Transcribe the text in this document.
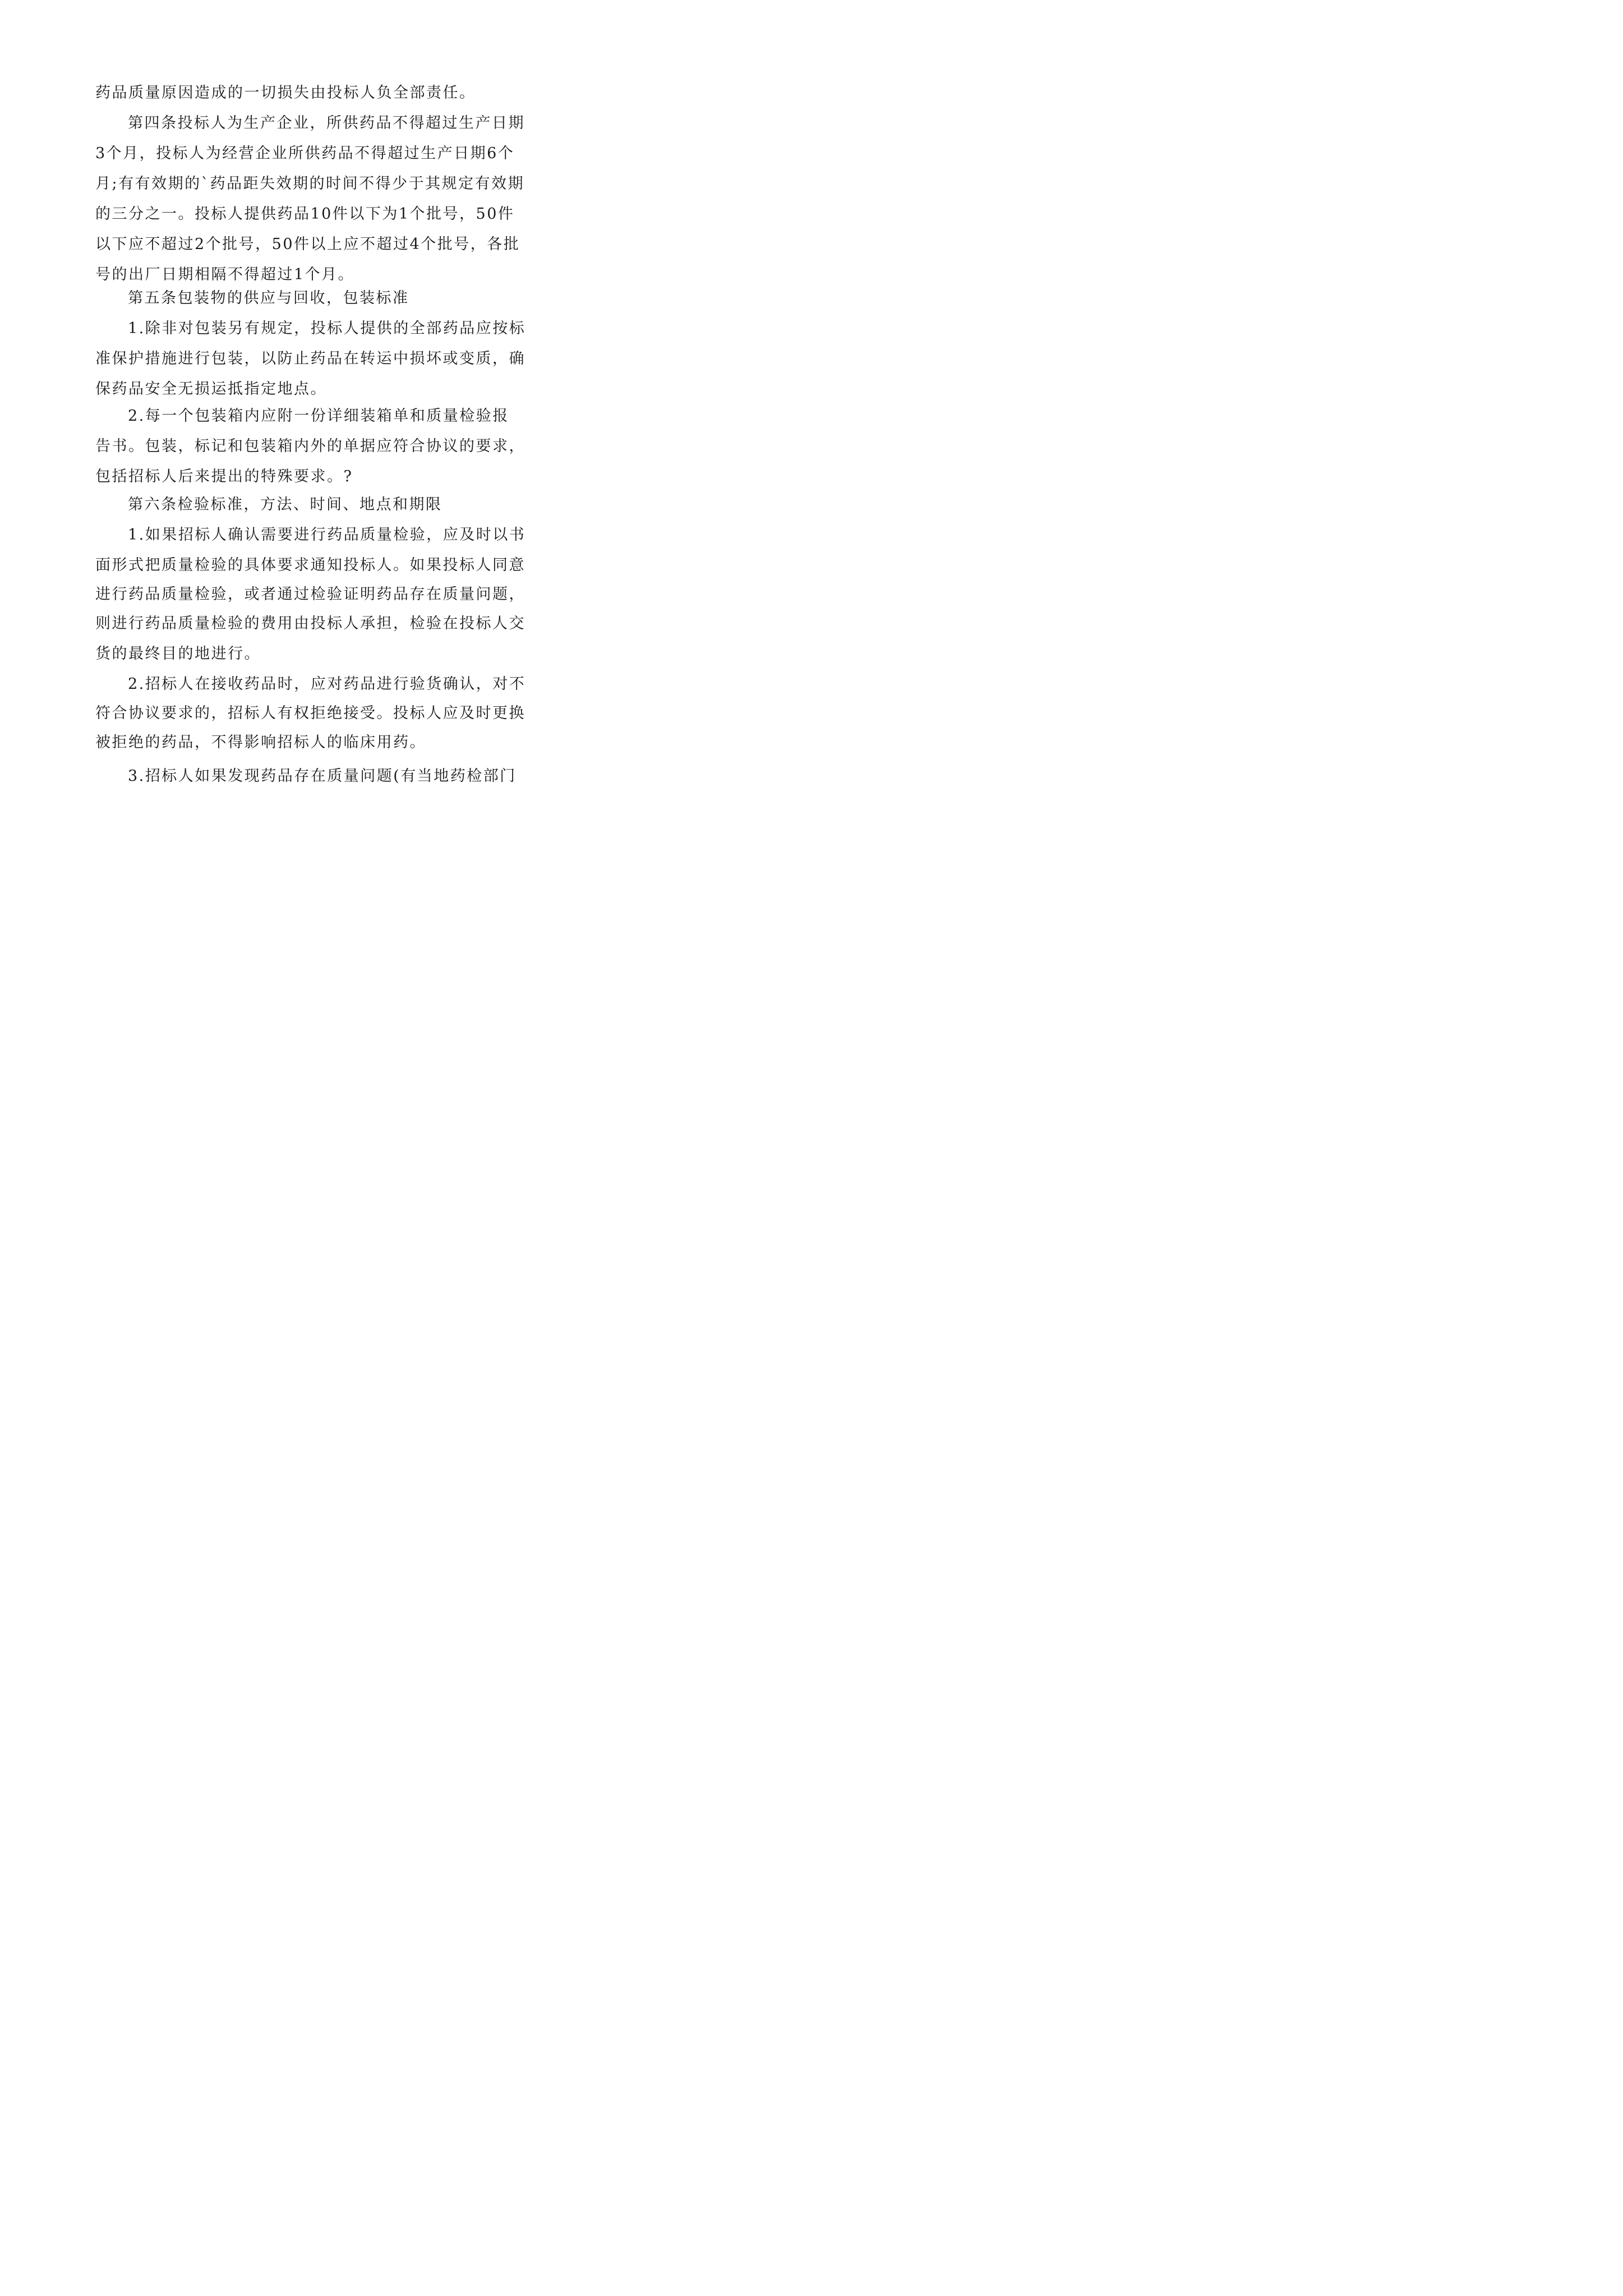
药品质量原因造成的一切损失由投标人负全部责任。

第四条投标人为生产企业，所供药品不得超过生产日期

3个月，投标人为经营企业所供药品不得超过生产日期6个

月;有有效期的`药品距失效期的时间不得少于其规定有效期

的三分之一。投标人提供药品10件以下为1个批号，50件

以下应不超过2个批号，50件以上应不超过4个批号，各批

号的出厂日期相隔不得超过1个月。

第五条包装物的供应与回收，包装标准

1.除非对包装另有规定，投标人提供的全部药品应按标

准保护措施进行包装，以防止药品在转运中损坏或变质，确

保药品安全无损运抵指定地点。

2.每一个包装箱内应附一份详细装箱单和质量检验报

告书。包装，标记和包装箱内外的单据应符合协议的要求，

包括招标人后来提出的特殊要求。?

第六条检验标准，方法、时间、地点和期限

1.如果招标人确认需要进行药品质量检验，应及时以书

面形式把质量检验的具体要求通知投标人。如果投标人同意

进行药品质量检验，或者通过检验证明药品存在质量问题，

则进行药品质量检验的费用由投标人承担，检验在投标人交

货的最终目的地进行。

2.招标人在接收药品时，应对药品进行验货确认，对不

符合协议要求的，招标人有权拒绝接受。投标人应及时更换

被拒绝的药品，不得影响招标人的临床用药。

3.招标人如果发现药品存在质量问题(有当地药检部门
